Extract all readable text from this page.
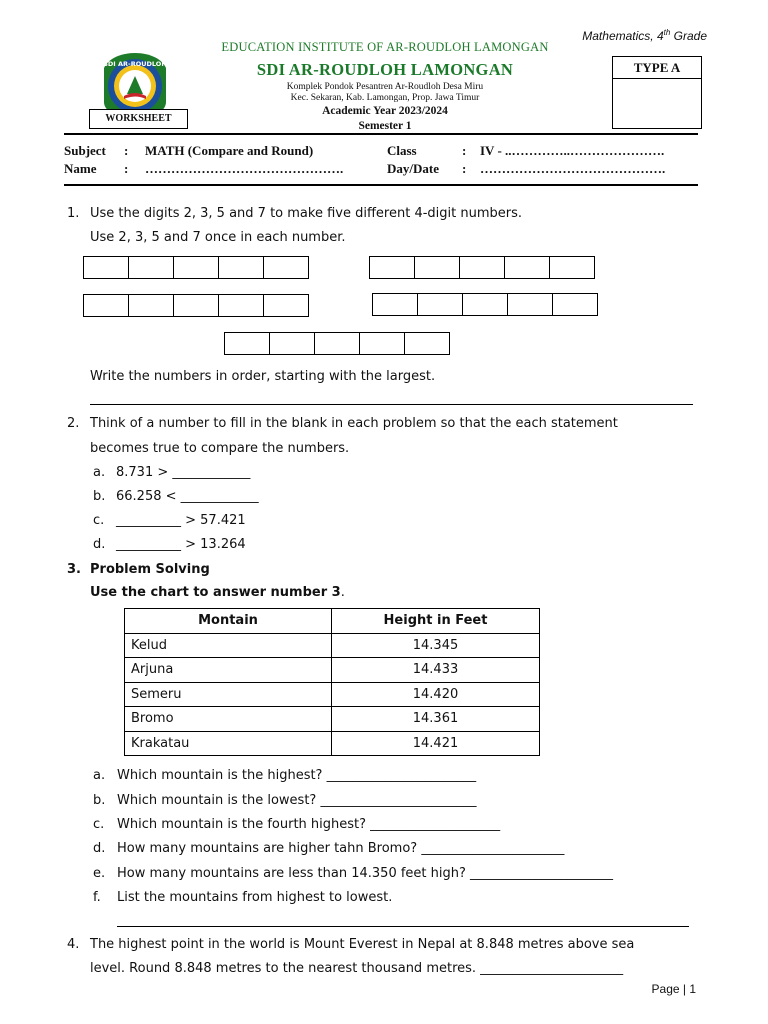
Mathematics, 4th Grade
SDI AR-ROUDLOH
WORKSHEET
EDUCATION INSTITUTE OF AR-ROUDLOH LAMONGAN
SDI AR-ROUDLOH LAMONGAN
Komplek Pondok Pesantren Ar-Roudloh Desa Miru
Kec. Sekaran, Kab. Lamongan, Prop. Jawa Timur
Academic Year 2023/2024
Semester 1
TYPE A
Subject : MATH (Compare and Round)
Name : ……………………………………….
Class	: IV - ..…………..………………….
Day/Date : …………………………………….
1. Use the digits 2, 3, 5 and 7 to make five different 4-digit numbers.
Use 2, 3, 5 and 7 once in each number.
Write the numbers in order, starting with the largest.
2. Think of a number to fill in the blank in each problem so that the each statement
becomes true to compare the numbers.
a. 8.731 > ____________
b. 66.258 < ____________
c. __________ > 57.421
d. __________ > 13.264
3. Problem Solving
Use the chart to answer number 3.
Montain	Height in Feet
Kelud	14.345
Arjuna	14.433
Semeru	14.420
Bromo	14.361
Krakatau	14.421
a. Which mountain is the highest? _______________________
b. Which mountain is the lowest? ________________________
c. Which mountain is the fourth highest? ____________________
d. How many mountains are higher tahn Bromo? ______________________
e. How many mountains are less than 14.350 feet high? ______________________
f. List the mountains from highest to lowest.
4. The highest point in the world is Mount Everest in Nepal at 8.848 metres above sea
level. Round 8.848 metres to the nearest thousand metres. ______________________
Page | 1
